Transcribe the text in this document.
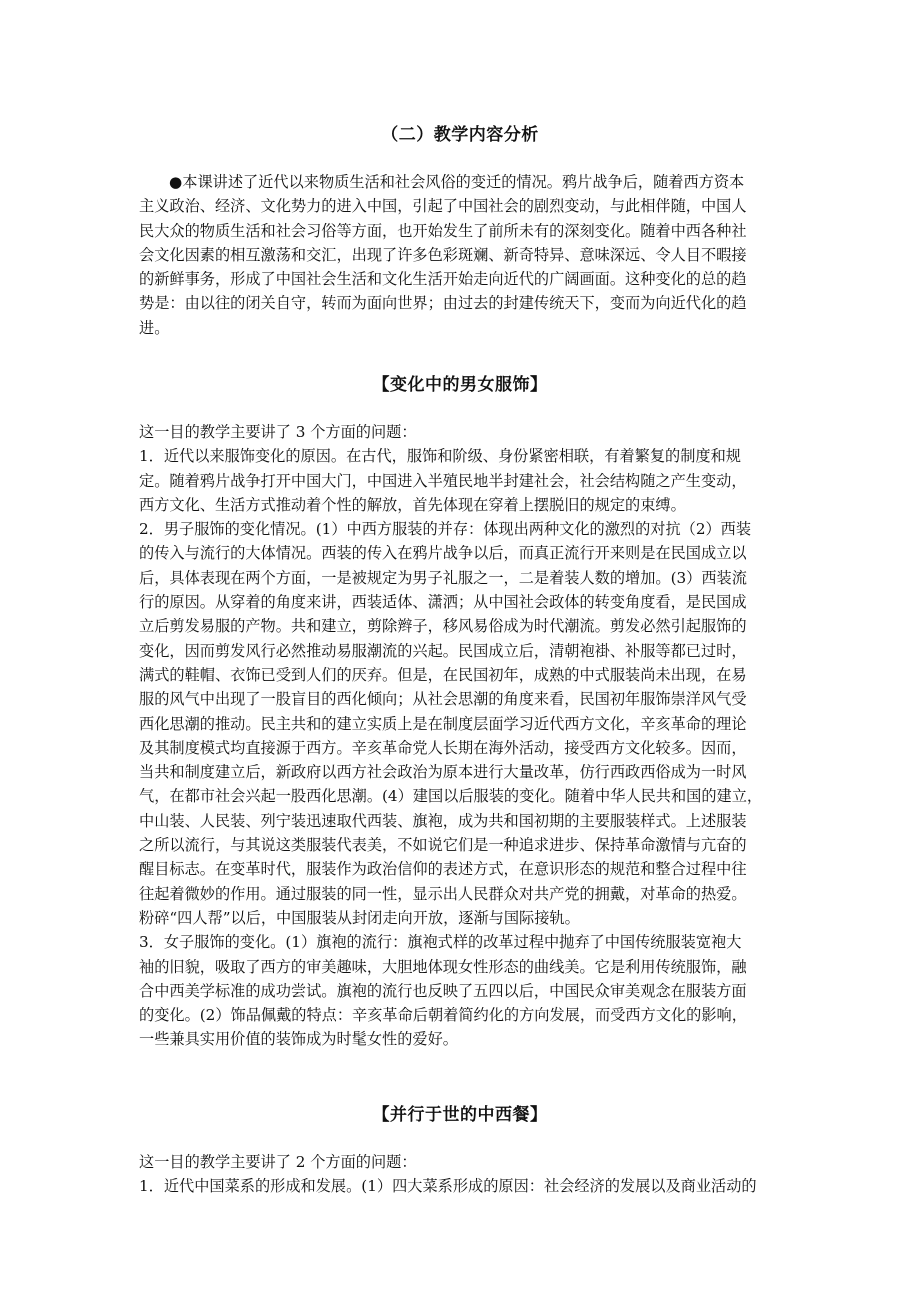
（二）教学内容分析
●本课讲述了近代以来物质生活和社会风俗的变迁的情况。鸦片战争后，随着西方资本
主义政治、经济、文化势力的进入中国，引起了中国社会的剧烈变动，与此相伴随，中国人
民大众的物质生活和社会习俗等方面，也开始发生了前所未有的深刻变化。随着中西各种社
会文化因素的相互激荡和交汇，出现了许多色彩斑斓、新奇特异、意味深远、令人目不暇接
的新鲜事务，形成了中国社会生活和文化生活开始走向近代的广阔画面。这种变化的总的趋
势是：由以往的闭关自守，转而为面向世界；由过去的封建传统天下，变而为向近代化的趋
进。
【变化中的男女服饰】
这一目的教学主要讲了 3 个方面的问题：
1．近代以来服饰变化的原因。在古代，服饰和阶级、身份紧密相联，有着繁复的制度和规
定。随着鸦片战争打开中国大门，中国进入半殖民地半封建社会，社会结构随之产生变动，
西方文化、生活方式推动着个性的解放，首先体现在穿着上摆脱旧的规定的束缚。
2．男子服饰的变化情况。(1）中西方服装的并存：体现出两种文化的激烈的对抗（2）西装
的传入与流行的大体情况。西装的传入在鸦片战争以后，而真正流行开来则是在民国成立以
后，具体表现在两个方面，一是被规定为男子礼服之一，二是着装人数的增加。(3）西装流
行的原因。从穿着的角度来讲，西装适体、潇洒；从中国社会政体的转变角度看，是民国成
立后剪发易服的产物。共和建立，剪除辫子，移风易俗成为时代潮流。剪发必然引起服饰的
变化，因而剪发风行必然推动易服潮流的兴起。民国成立后，清朝袍褂、补服等都已过时，
满式的鞋帽、衣饰已受到人们的厌弃。但是，在民国初年，成熟的中式服装尚未出现，在易
服的风气中出现了一股盲目的西化倾向；从社会思潮的角度来看，民国初年服饰崇洋风气受
西化思潮的推动。民主共和的建立实质上是在制度层面学习近代西方文化，辛亥革命的理论
及其制度模式均直接源于西方。辛亥革命党人长期在海外活动，接受西方文化较多。因而，
当共和制度建立后，新政府以西方社会政治为原本进行大量改革，仿行西政西俗成为一时风
气，在都市社会兴起一股西化思潮。(4）建国以后服装的变化。随着中华人民共和国的建立，
中山装、人民装、列宁装迅速取代西装、旗袍，成为共和国初期的主要服装样式。上述服装
之所以流行，与其说这类服装代表美，不如说它们是一种追求进步、保持革命激情与亢奋的
醒目标志。在变革时代，服装作为政治信仰的表述方式，在意识形态的规范和整合过程中往
往起着微妙的作用。通过服装的同一性，显示出人民群众对共产党的拥戴，对革命的热爱。
粉碎“四人帮”以后，中国服装从封闭走向开放，逐渐与国际接轨。
3．女子服饰的变化。(1）旗袍的流行：旗袍式样的改革过程中抛弃了中国传统服装宽袍大
袖的旧貌，吸取了西方的审美趣味，大胆地体现女性形态的曲线美。它是利用传统服饰，融
合中西美学标准的成功尝试。旗袍的流行也反映了五四以后，中国民众审美观念在服装方面
的变化。(2）饰品佩戴的特点：辛亥革命后朝着简约化的方向发展，而受西方文化的影响，
一些兼具实用价值的装饰成为时髦女性的爱好。
【并行于世的中西餐】
这一目的教学主要讲了 2 个方面的问题：
1．近代中国菜系的形成和发展。(1）四大菜系形成的原因：社会经济的发展以及商业活动的
